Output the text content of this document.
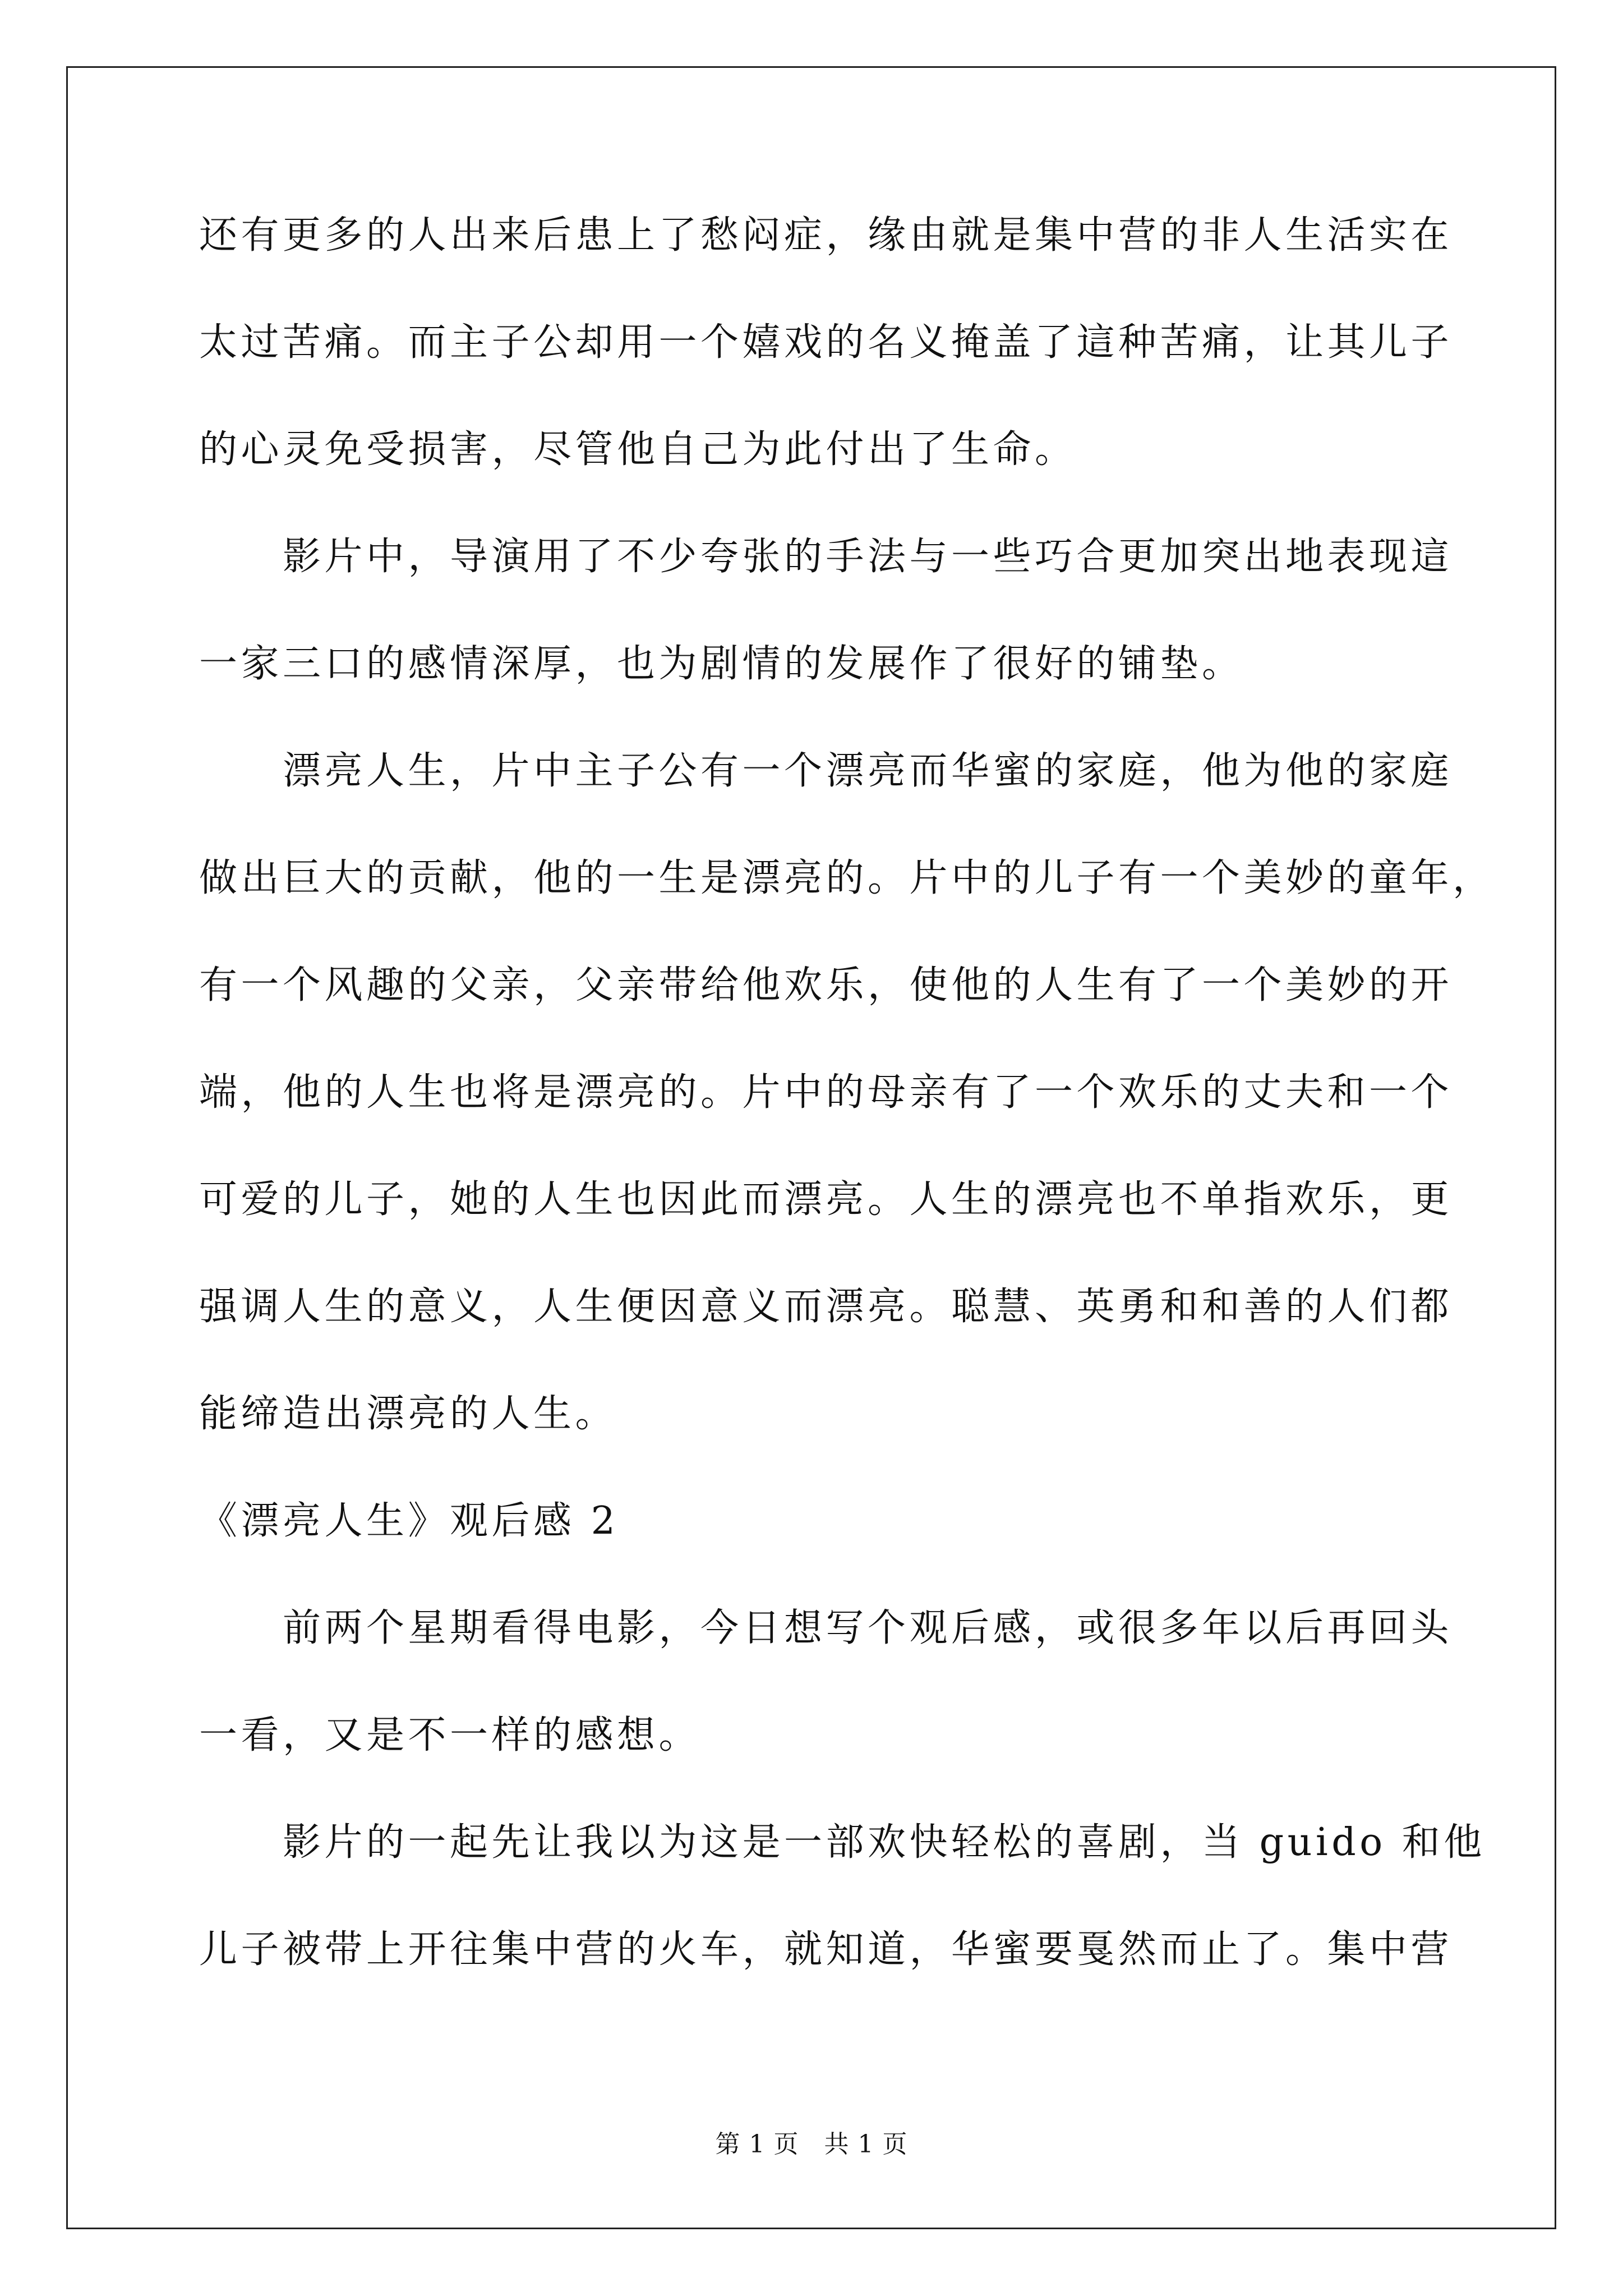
还有更多的人出来后患上了愁闷症，缘由就是集中营的非人生活实在
太过苦痛。而主子公却用一个嬉戏的名义掩盖了這种苦痛，让其儿子
的心灵免受损害，尽管他自己为此付出了生命。
　　影片中，导演用了不少夸张的手法与一些巧合更加突出地表现這
一家三口的感情深厚，也为剧情的发展作了很好的铺垫。
　　漂亮人生，片中主子公有一个漂亮而华蜜的家庭，他为他的家庭
做出巨大的贡献，他的一生是漂亮的。片中的儿子有一个美妙的童年，
有一个风趣的父亲，父亲带给他欢乐，使他的人生有了一个美妙的开
端，他的人生也将是漂亮的。片中的母亲有了一个欢乐的丈夫和一个
可爱的儿子，她的人生也因此而漂亮。人生的漂亮也不单指欢乐，更
强调人生的意义，人生便因意义而漂亮。聪慧、英勇和和善的人们都
能缔造出漂亮的人生。
《漂亮人生》观后感 2
　　前两个星期看得电影，今日想写个观后感，或很多年以后再回头
一看，又是不一样的感想。
　　影片的一起先让我以为这是一部欢快轻松的喜剧，当 guido 和他
儿子被带上开往集中营的火车，就知道，华蜜要戛然而止了。集中营
第 1 页　共 1 页
